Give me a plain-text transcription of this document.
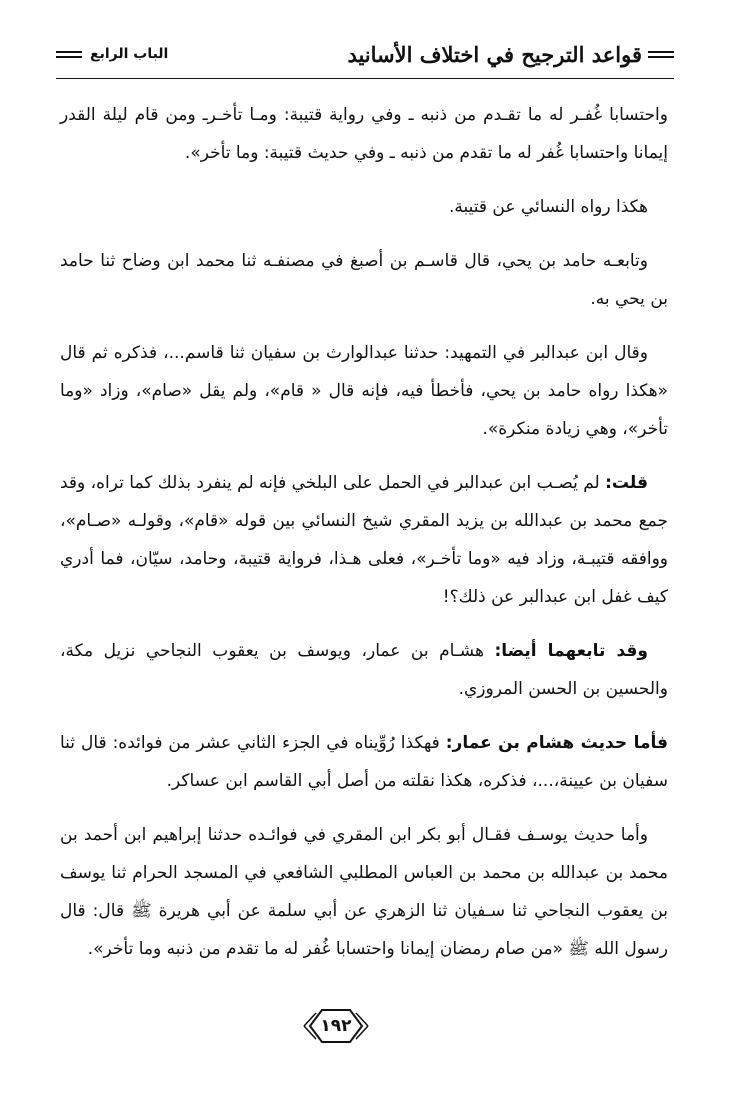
قواعد الترجيح في اختلاف الأسانيد
الباب الرابع

واحتسابا غُفـر له ما تقـدم من ذنبه ـ وفي رواية قتيبة: ومـا تأخـرـ ومن قام ليلة القدر إيمانا واحتسابا غُفر له ما تقدم من ذنبه ـ وفي حديث قتيبة: وما تأخر».

هكذا رواه النسائي عن قتيبة.

وتابعـه حامد بن يحي، قال قاسـم بن أصبغ في مصنفـه ثنا محمد ابن وضاح ثنا حامد بن يحي به.

وقال ابن عبدالبر في التمهيد: حدثنا عبدالوارث بن سفيان ثنا قاسم...، فذكره ثم قال «هكذا رواه حامد بن يحي، فأخطأ فيه، فإنه قال « قام»، ولم يقل «صام»، وزاد «وما تأخر»، وهي زيادة منكرة».

قلت: لم يُصـب ابن عبدالبر في الحمل على البلخي فإنه لم ينفرد بذلك كما تراه، وقد جمع محمد بن عبدالله بن يزيد المقري شيخ النسائي بين قوله «قام»، وقولـه «صـام»، ووافقه قتيبـة، وزاد فيه «وما تأخـر»، فعلى هـذا، فرواية قتيبة، وحامد، سيّان، فما أدري كيف غفل ابن عبدالبر عن ذلك؟!

وقد تابعهما أيضا: هشـام بن عمار، ويوسف بن يعقوب النجاحي نزيل مكة، والحسين بن الحسن المروزي.

فأما حديث هشام بن عمار: فهكذا رُوِّيناه في الجزء الثاني عشر من فوائده: قال ثنا سفيان بن عيينة،...، فذكره، هكذا نقلته من أصل أبي القاسم ابن عساكر.

وأما حديث يوسـف فقـال أبو بكر ابن المقري في فوائـده حدثنا إبراهيم ابن أحمد بن محمد بن عبدالله بن محمد بن العباس المطلبي الشافعي في المسجد الحرام ثنا يوسف بن يعقوب النجاحي ثنا سـفيان ثنا الزهري عن أبي سلمة عن أبي هريرة ﷺ قال: قال رسول الله ﷺ «من صام رمضان إيمانا واحتسابا غُفر له ما تقدم من ذنبه وما تأخر».

١٩٢
